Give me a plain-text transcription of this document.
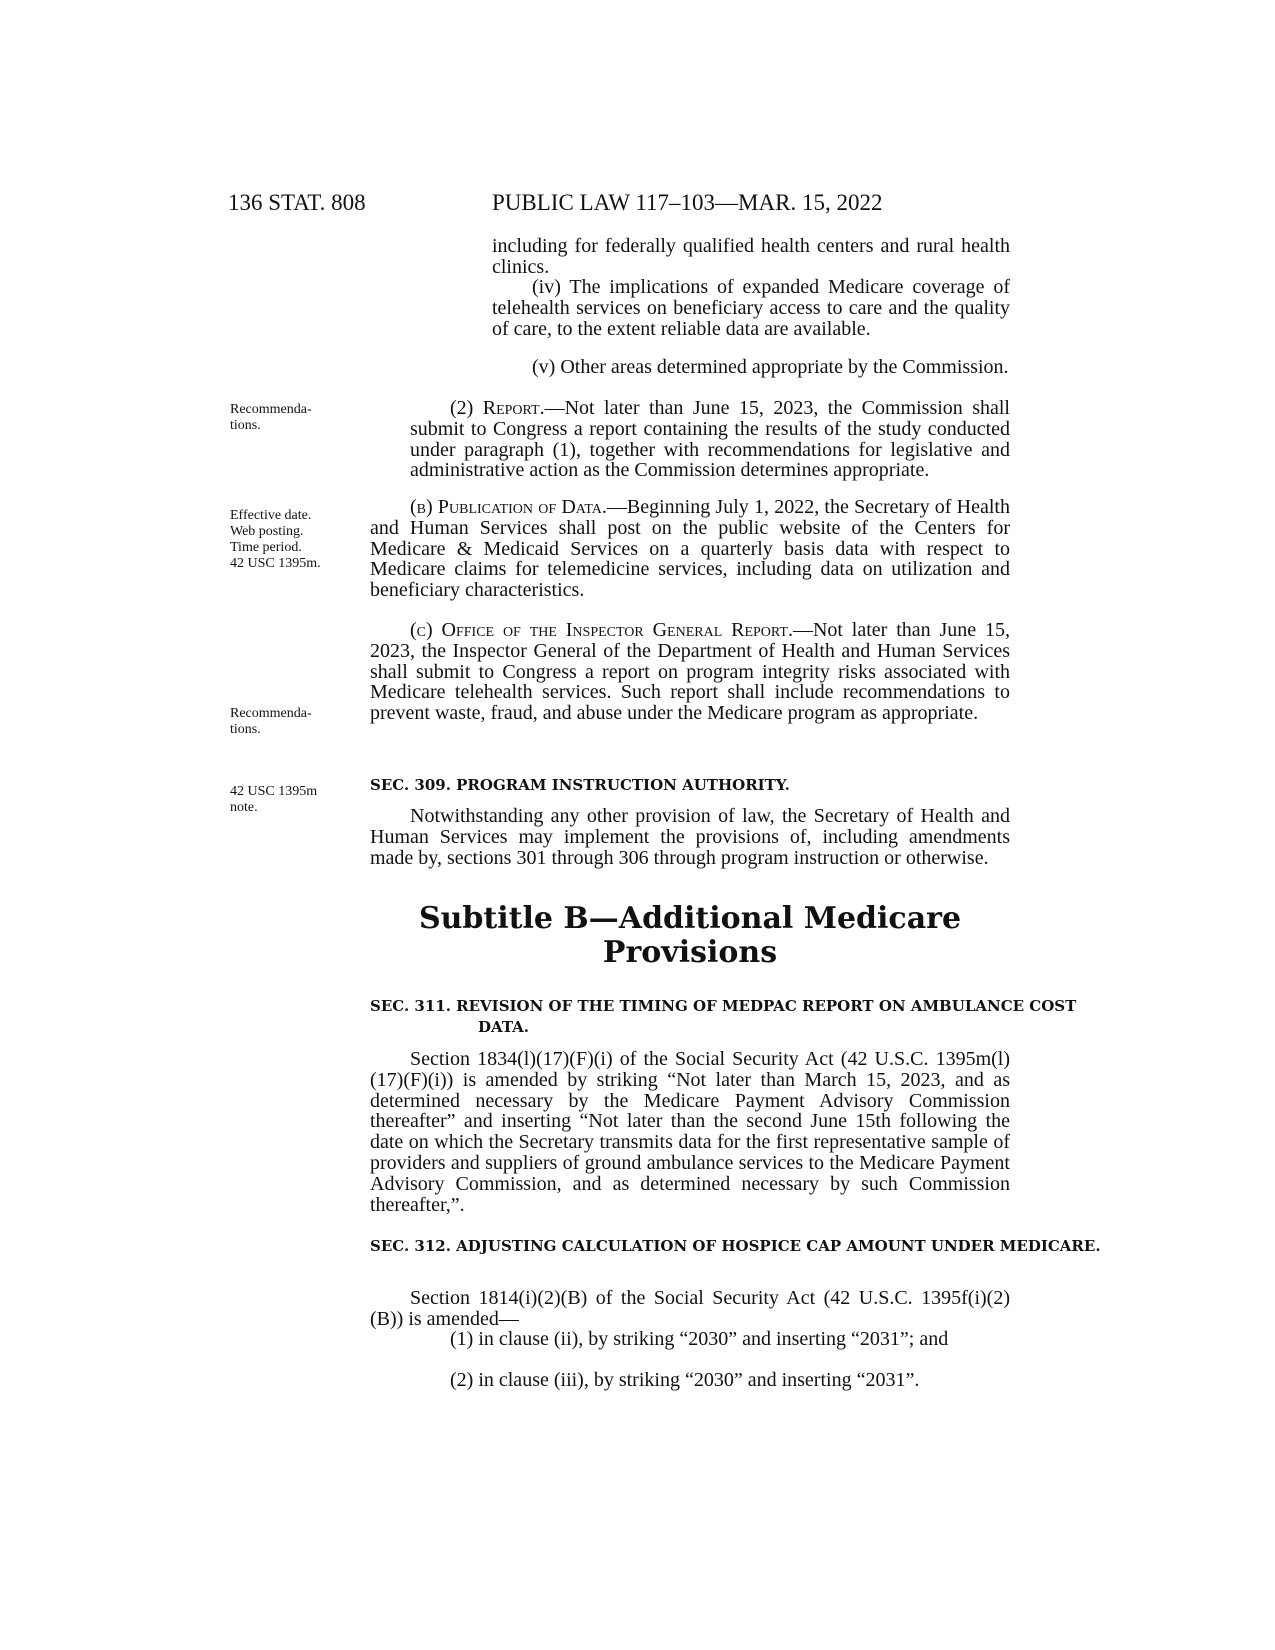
136 STAT. 808	PUBLIC LAW 117–103—MAR. 15, 2022
Recommenda-
tions.
Effective date.
Web posting.
Time period.
42 USC 1395m.
Recommenda-
tions.
42 USC 1395m
note.

including for federally qualified health centers and rural health clinics.

(iv) The implications of expanded Medicare coverage of telehealth services on beneficiary access to care and the quality of care, to the extent reliable data are available.

(v) Other areas determined appropriate by the Commission.

(2) Report.—Not later than June 15, 2023, the Commission shall submit to Congress a report containing the results of the study conducted under paragraph (1), together with recommendations for legislative and administrative action as the Commission determines appropriate.

(b) Publication of Data.—Beginning July 1, 2022, the Secretary of Health and Human Services shall post on the public website of the Centers for Medicare & Medicaid Services on a quarterly basis data with respect to Medicare claims for telemedicine services, including data on utilization and beneficiary characteristics.

(c) Office of the Inspector General Report.—Not later than June 15, 2023, the Inspector General of the Department of Health and Human Services shall submit to Congress a report on program integrity risks associated with Medicare telehealth services. Such report shall include recommendations to prevent waste, fraud, and abuse under the Medicare program as appropriate.

SEC. 309. PROGRAM INSTRUCTION AUTHORITY.

Notwithstanding any other provision of law, the Secretary of Health and Human Services may implement the provisions of, including amendments made by, sections 301 through 306 through program instruction or otherwise.

Subtitle B—Additional Medicare
Provisions
SEC. 311. REVISION OF THE TIMING OF MEDPAC REPORT ON AMBULANCE COST DATA.

Section 1834(l)(17)(F)(i) of the Social Security Act (42 U.S.C. 1395m(l)(17)(F)(i)) is amended by striking “Not later than March 15, 2023, and as determined necessary by the Medicare Payment Advisory Commission thereafter” and inserting “Not later than the second June 15th following the date on which the Secretary transmits data for the first representative sample of providers and suppliers of ground ambulance services to the Medicare Payment Advisory Commission, and as determined necessary by such Commission thereafter,”.

SEC. 312. ADJUSTING CALCULATION OF HOSPICE CAP AMOUNT UNDER MEDICARE.

Section 1814(i)(2)(B) of the Social Security Act (42 U.S.C. 1395f(i)(2)(B)) is amended—

(1) in clause (ii), by striking “2030” and inserting “2031”; and

(2) in clause (iii), by striking “2030” and inserting “2031”.
